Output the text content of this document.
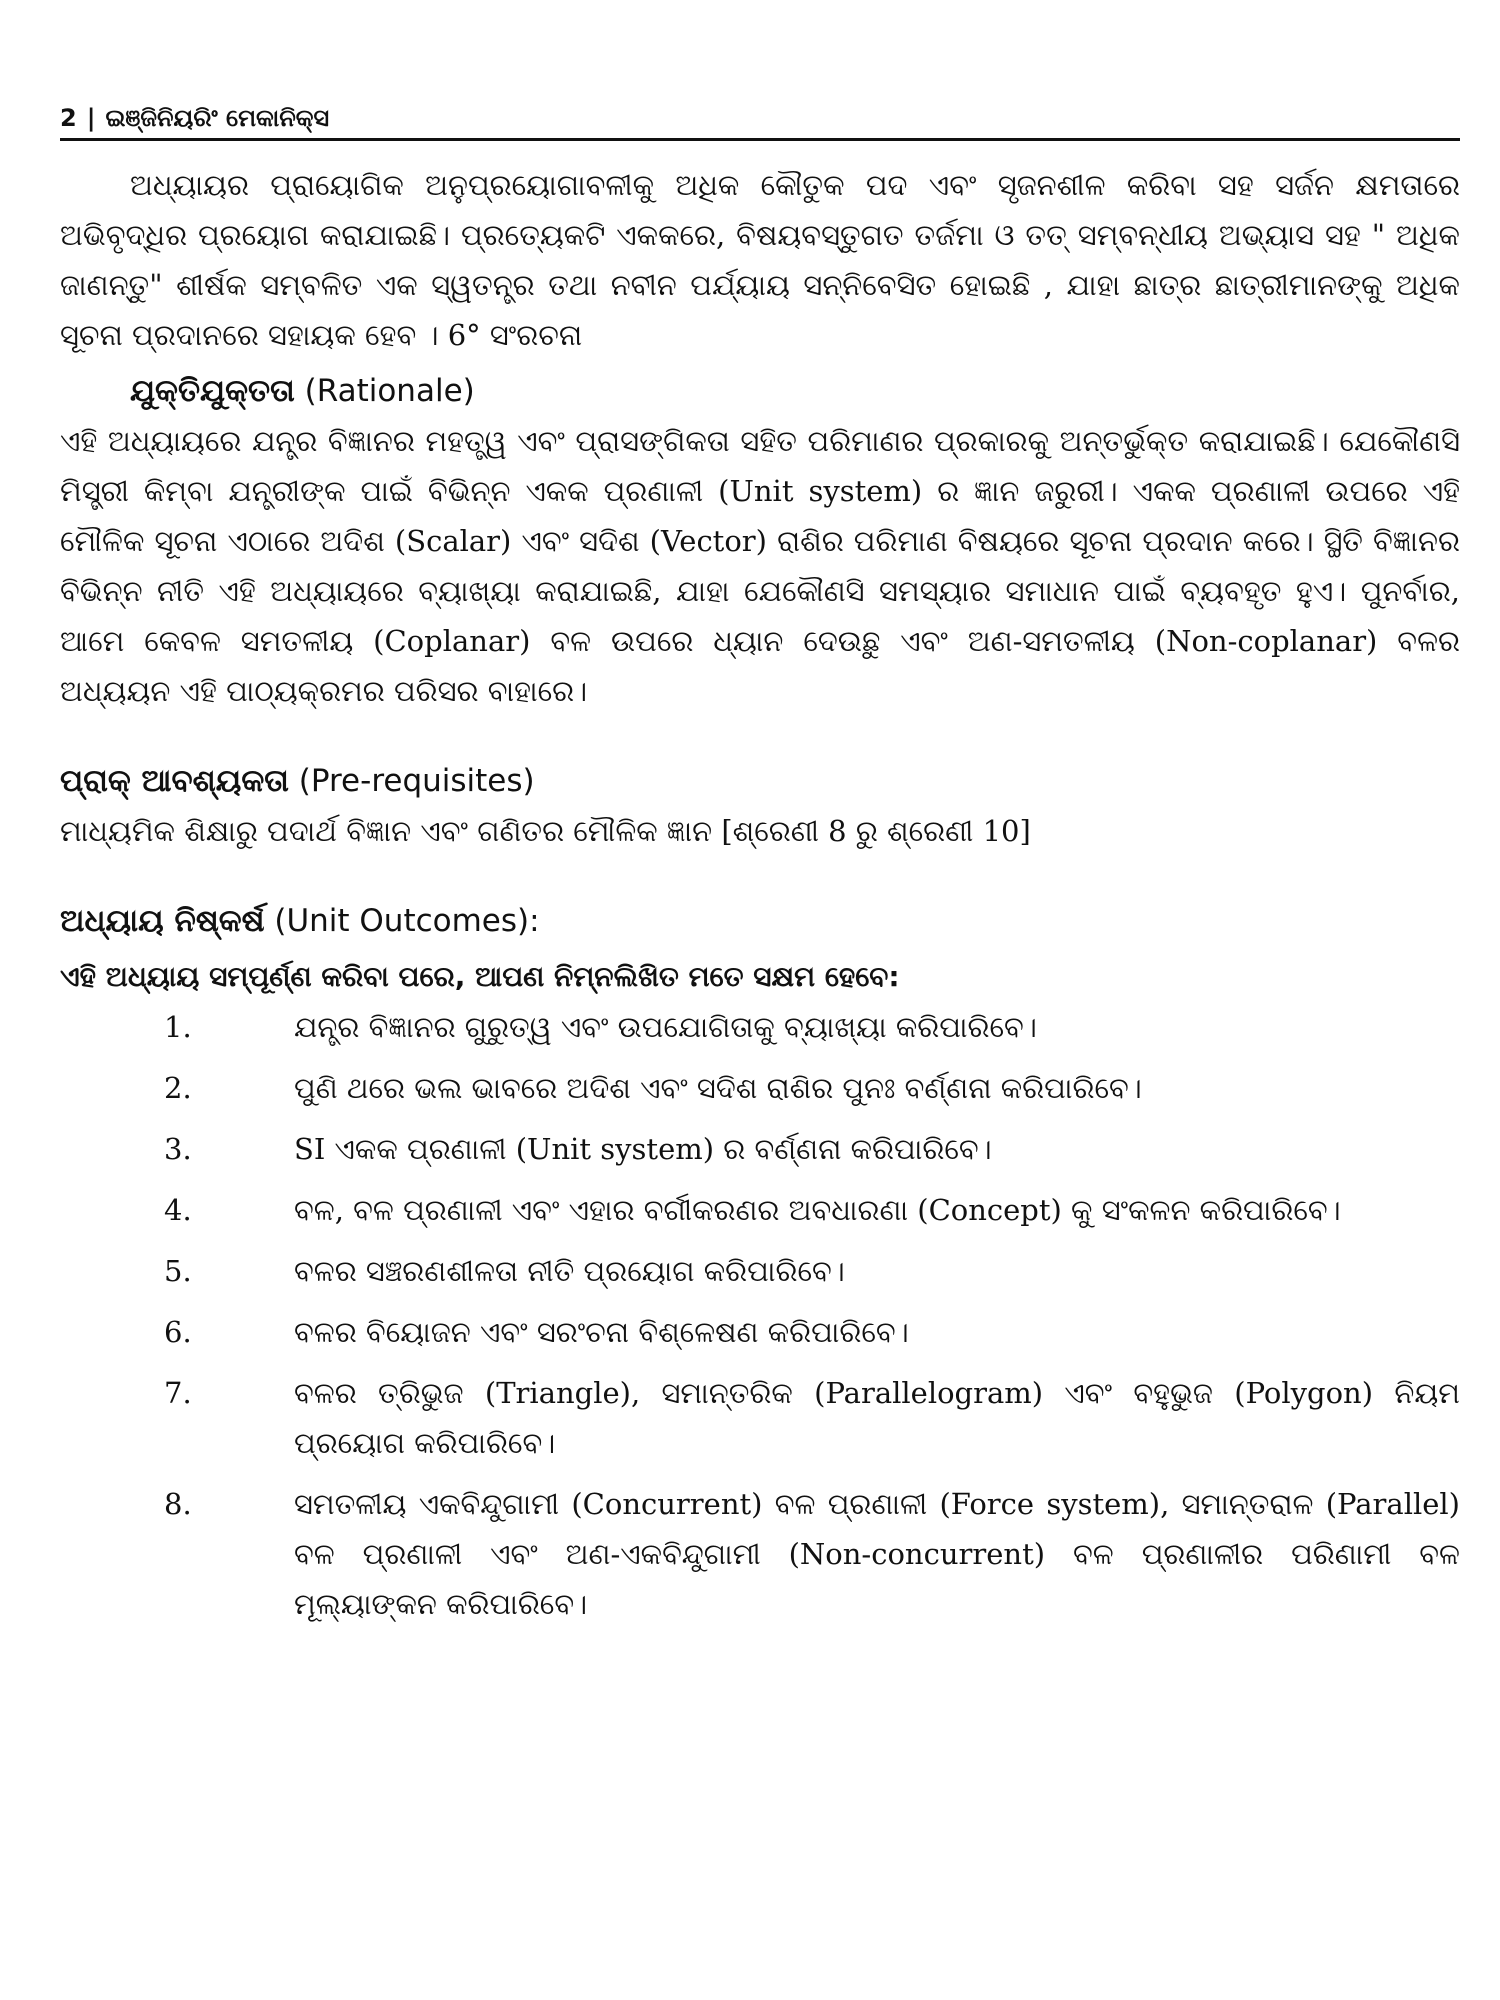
2 | ଇଞ୍ଜିନିୟରିଂ ମେକାନିକ୍ସ

ଅଧ୍ୟାୟର ପ୍ରାୟୋଗିକ ଅନୁପ୍ରୟୋଗାବଳୀକୁ ଅଧିକ କୌତୁକ ପଦ ଏବଂ ସୃଜନଶୀଳ କରିବା ସହ ସର୍ଜନ କ୍ଷମତାରେ ଅଭିବୃଦ୍ଧିର ପ୍ରୟୋଗ କରାଯାଇଛି। ପ୍ରତ୍ୟେକଟି ଏକକରେ, ବିଷୟବସ୍ତୁଗତ ତର୍ଜମା ଓ ତତ୍ ସମ୍ବନ୍ଧୀୟ ଅଭ୍ୟାସ ସହ " ଅଧିକ ଜାଣନ୍ତୁ" ଶୀର୍ଷକ ସମ୍ବଳିତ ଏକ ସ୍ୱତନ୍ତ୍ର ତଥା ନବୀନ ପର୍ଯ୍ୟାୟ ସନ୍ନିବେସିତ ହୋଇଛି , ଯାହା ଛାତ୍ର ଛାତ୍ରୀମାନଙ୍କୁ ଅଧିକ ସୂଚନା ପ୍ରଦାନରେ ସହାୟକ ହେବ । 6° ସଂରଚନା

ଯୁକ୍ତିଯୁକ୍ତତା (Rationale)

ଏହି ଅଧ୍ୟାୟରେ ଯନ୍ତ୍ର ବିଜ୍ଞାନର ମହତ୍ତ୍ୱ ଏବଂ ପ୍ରାସଙ୍ଗିକତା ସହିତ ପରିମାଣର ପ୍ରକାରକୁ ଅନ୍ତର୍ଭୁକ୍ତ କରାଯାଇଛି। ଯେକୌଣସି ମିସ୍ତ୍ରୀ କିମ୍ବା ଯନ୍ତ୍ରୀଙ୍କ ପାଇଁ ବିଭିନ୍ନ ଏକକ ପ୍ରଣାଳୀ (Unit system) ର ଜ୍ଞାନ ଜରୁରୀ। ଏକକ ପ୍ରଣାଳୀ ଉପରେ ଏହି ମୌଳିକ ସୂଚନା ଏଠାରେ ଅଦିଶ (Scalar) ଏବଂ ସଦିଶ (Vector) ରାଶିର ପରିମାଣ ବିଷୟରେ ସୂଚନା ପ୍ରଦାନ କରେ। ସ୍ଥିତି ବିଜ୍ଞାନର ବିଭିନ୍ନ ନୀତି ଏହି ଅଧ୍ୟାୟରେ ବ୍ୟାଖ୍ୟା କରାଯାଇଛି, ଯାହା ଯେକୌଣସି ସମସ୍ୟାର ସମାଧାନ ପାଇଁ ବ୍ୟବହୃତ ହୁଏ। ପୁନର୍ବାର, ଆମେ କେବଳ ସମତଳୀୟ (Coplanar) ବଳ ଉପରେ ଧ୍ୟାନ ଦେଉଛୁ ଏବଂ ଅଣ-ସମତଳୀୟ (Non-coplanar) ବଳର ଅଧ୍ୟୟନ ଏହି ପାଠ୍ୟକ୍ରମର ପରିସର ବାହାରେ।

ପ୍ରାକ୍ ଆବଶ୍ୟକତା (Pre-requisites)

ମାଧ୍ୟମିକ ଶିକ୍ଷାରୁ ପଦାର୍ଥ ବିଜ୍ଞାନ ଏବଂ ଗଣିତର ମୌଳିକ ଜ୍ଞାନ [ଶ୍ରେଣୀ 8 ରୁ ଶ୍ରେଣୀ 10]

ଅଧ୍ୟାୟ ନିଷ୍କର୍ଷ (Unit Outcomes):

ଏହି ଅଧ୍ୟାୟ ସମ୍ପୂର୍ଣ୍ଣ କରିବା ପରେ, ଆପଣ ନିମ୍ନଲିଖିତ ମତେ ସକ୍ଷମ ହେବେ:

1.	ଯନ୍ତ୍ର ବିଜ୍ଞାନର ଗୁରୁତ୍ୱ ଏବଂ ଉପଯୋଗିତାକୁ ବ୍ୟାଖ୍ୟା କରିପାରିବେ।
2.	ପୁଣି ଥରେ ଭଲ ଭାବରେ ଅଦିଶ ଏବଂ ସଦିଶ ରାଶିର ପୁନଃ ବର୍ଣ୍ଣନା କରିପାରିବେ।
3.	SI ଏକକ ପ୍ରଣାଳୀ (Unit system) ର ବର୍ଣ୍ଣନା କରିପାରିବେ।
4.	ବଳ, ବଳ ପ୍ରଣାଳୀ ଏବଂ ଏହାର ବର୍ଗୀକରଣର ଅବଧାରଣା (Concept) କୁ ସଂକଳନ କରିପାରିବେ।
5.	ବଳର ସଞ୍ଚରଣଶୀଳତା ନୀତି ପ୍ରୟୋଗ କରିପାରିବେ।
6.	ବଳର ବିୟୋଜନ ଏବଂ ସରଂଚନା ବିଶ୍ଳେଷଣ କରିପାରିବେ।
7.	ବଳର ତ୍ରିଭୁଜ (Triangle), ସମାନ୍ତରିକ (Parallelogram) ଏବଂ ବହୁଭୁଜ (Polygon) ନିୟମ ପ୍ରୟୋଗ କରିପାରିବେ।
8.	ସମତଳୀୟ ଏକବିନ୍ଦୁଗାମୀ (Concurrent) ବଳ ପ୍ରଣାଳୀ (Force system), ସମାନ୍ତରାଳ (Parallel) ବଳ ପ୍ରଣାଳୀ ଏବଂ ଅଣ-ଏକବିନ୍ଦୁଗାମୀ (Non-concurrent) ବଳ ପ୍ରଣାଳୀର ପରିଣାମୀ ବଳ ମୂଲ୍ୟାଙ୍କନ କରିପାରିବେ।
